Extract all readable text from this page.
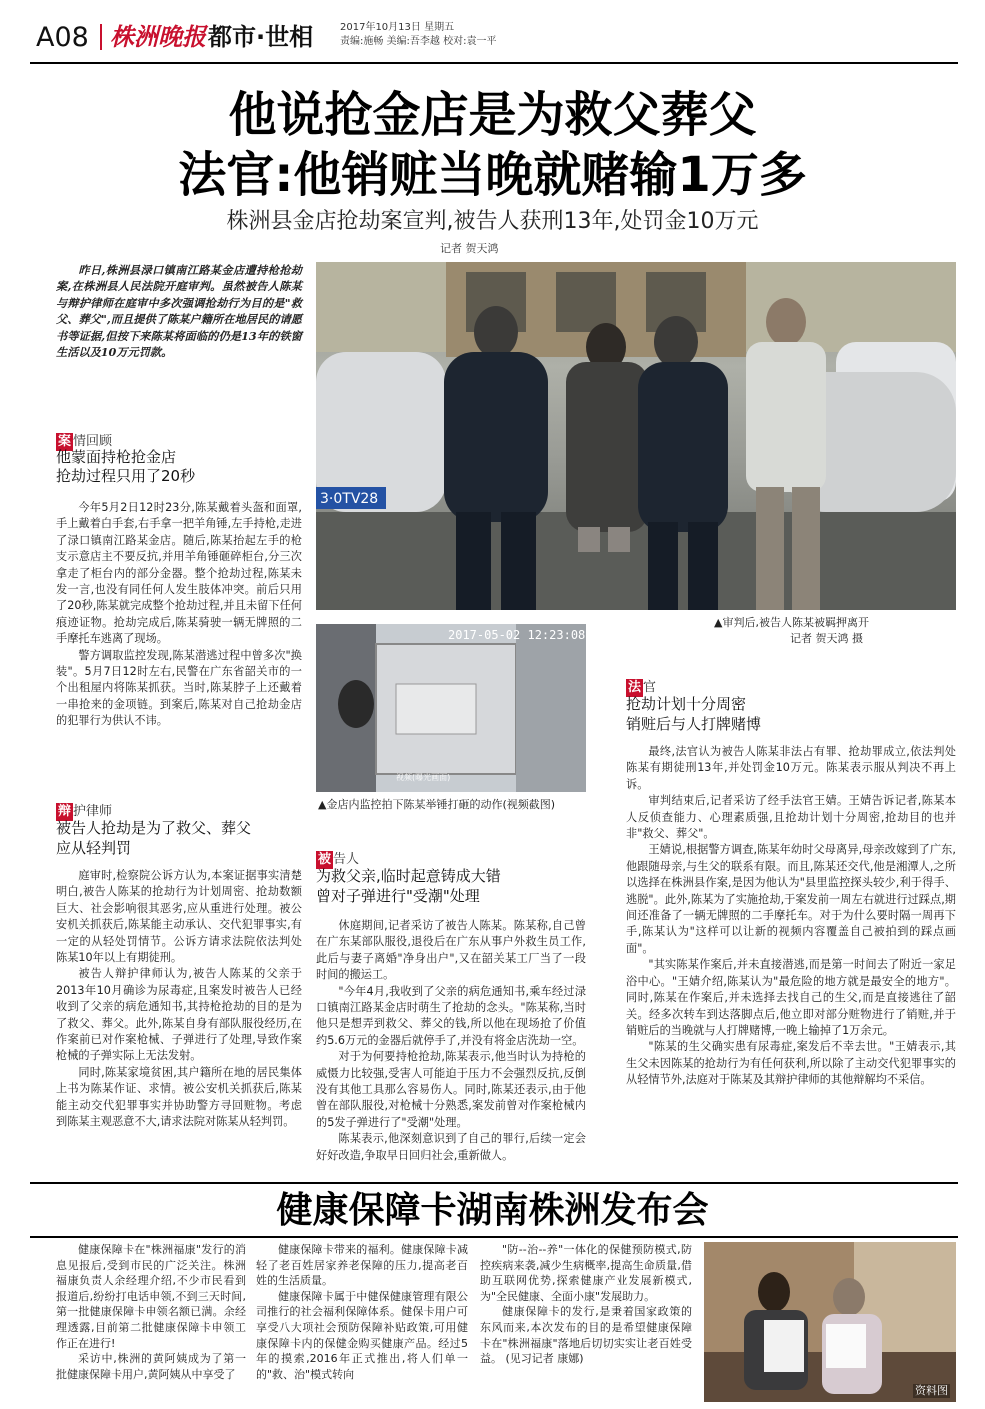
A08 株洲晚报 都市·世相	2017年10月13日 星期五
责编:施畅 美编:吾李越 校对:袁一平
他说抢金店是为救父葬父
法官:他销赃当晚就赌输1万多
株洲县金店抢劫案宣判,被告人获刑13年,处罚金10万元
记者 贺天鸿
昨日,株洲县渌口镇南江路某金店遭持枪抢劫案,在株洲县人民法院开庭审判。虽然被告人陈某与辩护律师在庭审中多次强调抢劫行为目的是"救父、葬父",而且提供了陈某户籍所在地居民的请愿书等证据,但按下来陈某将面临的仍是13年的铁窗生活以及10万元罚款。
3·0TV28
▲审判后,被告人陈某被羁押离开
记者 贺天鸿 摄
案 情回顾
他蒙面持枪抢金店
抢劫过程只用了20秒

今年5月2日12时23分,陈某戴着头盔和面罩,手上戴着白手套,右手拿一把羊角锤,左手持枪,走进了渌口镇南江路某金店。随后,陈某抬起左手的枪支示意店主不要反抗,并用羊角锤砸碎柜台,分三次拿走了柜台内的部分金器。整个抢劫过程,陈某未发一言,也没有同任何人发生肢体冲突。前后只用了20秒,陈某就完成整个抢劫过程,并且未留下任何痕迹证物。抢劫完成后,陈某骑驶一辆无牌照的二手摩托车逃离了现场。

警方调取监控发现,陈某潜逃过程中曾多次"换装"。5月7日12时左右,民警在广东省韶关市的一个出租屋内将陈某抓获。当时,陈某脖子上还戴着一串抢来的金项链。到案后,陈某对自己抢劫金店的犯罪行为供认不讳。

辩 护律师
被告人抢劫是为了救父、葬父
应从轻判罚

庭审时,检察院公诉方认为,本案证据事实清楚明白,被告人陈某的抢劫行为计划周密、抢劫数额巨大、社会影响很其恶劣,应从重进行处理。被公安机关抓获后,陈某能主动承认、交代犯罪事实,有一定的从轻处罚情节。公诉方请求法院依法判处陈某10年以上有期徒刑。

被告人辩护律师认为,被告人陈某的父亲于2013年10月确诊为尿毒症,且案发时被告人已经收到了父亲的病危通知书,其持枪抢劫的目的是为了救父、葬父。此外,陈某自身有部队服役经历,在作案前已对作案枪械、子弹进行了处理,导致作案枪械的子弹实际上无法发射。

同时,陈某家境贫困,其户籍所在地的居民集体上书为陈某作证、求情。被公安机关抓获后,陈某能主动交代犯罪事实并协助警方寻回赃物。考虑到陈某主观恶意不大,请求法院对陈某从轻判罚。

视频(曝光画面)
2017-05-02 12:23:08
▲金店内监控拍下陈某举锤打砸的动作(视频截图)
被 告人
为救父亲,临时起意铸成大错
曾对子弹进行"受潮"处理

休庭期间,记者采访了被告人陈某。陈某称,自己曾在广东某部队服役,退役后在广东从事户外救生员工作,此后与妻子离婚"净身出户",又在韶关某工厂当了一段时间的搬运工。

"今年4月,我收到了父亲的病危通知书,乘车经过渌口镇南江路某金店时萌生了抢劫的念头。"陈某称,当时他只是想弄到救父、葬父的钱,所以他在现场抢了价值约5.6万元的金器后就停手了,并没有将金店洗劫一空。

对于为何要持枪抢劫,陈某表示,他当时认为持枪的威慑力比较强,受害人可能迫于压力不会强烈反抗,反倒没有其他工具那么容易伤人。同时,陈某还表示,由于他曾在部队服役,对枪械十分熟悉,案发前曾对作案枪械内的5发子弹进行了"受潮"处理。

陈某表示,他深刻意识到了自己的罪行,后续一定会好好改造,争取早日回归社会,重新做人。

法 官
抢劫计划十分周密
销赃后与人打牌赌博

最终,法官认为被告人陈某非法占有罪、抢劫罪成立,依法判处陈某有期徒刑13年,并处罚金10万元。陈某表示服从判决不再上诉。

审判结束后,记者采访了经手法官王婧。王婧告诉记者,陈某本人反侦查能力、心理素质强,且抢劫计划十分周密,抢劫目的也并非"救父、葬父"。

王婧说,根据警方调查,陈某年幼时父母离异,母亲改嫁到了广东,他跟随母亲,与生父的联系有限。而且,陈某还交代,他是湘潭人,之所以选择在株洲县作案,是因为他认为"县里监控探头较少,利于得手、逃脱"。此外,陈某为了实施抢劫,于案发前一周左右就进行过踩点,期间还准备了一辆无牌照的二手摩托车。对于为什么要时隔一周再下手,陈某认为"这样可以让新的视频内容覆盖自己被拍到的踩点画面"。

"其实陈某作案后,并未直接潜逃,而是第一时间去了附近一家足浴中心。"王婧介绍,陈某认为"最危险的地方就是最安全的地方"。同时,陈某在作案后,并未选择去找自己的生父,而是直接逃往了韶关。经多次转车到达落脚点后,他立即对部分赃物进行了销赃,并于销赃后的当晚就与人打牌赌博,一晚上输掉了1万余元。

"陈某的生父确实患有尿毒症,案发后不幸去世。"王婧表示,其生父未因陈某的抢劫行为有任何获利,所以除了主动交代犯罪事实的从轻情节外,法庭对于陈某及其辩护律师的其他辩解均不采信。

健康保障卡湖南株洲发布会

健康保障卡在"株洲福康"发行的消息见报后,受到市民的广泛关注。株洲福康负责人余经理介绍,不少市民看到报道后,纷纷打电话申领,不到三天时间,第一批健康保障卡申领名额已满。余经理透露,目前第二批健康保障卡申领工作正在进行!

采访中,株洲的黄阿姨成为了第一批健康保障卡用户,黄阿姨从中享受了

健康保障卡带来的福利。健康保障卡减轻了老百姓居家养老保障的压力,提高老百姓的生活质量。

健康保障卡属于中健保健康管理有限公司推行的社会福利保障体系。健保卡用户可享受八大项社会预防保障补贴政策,可用健康保障卡内的保健金购买健康产品。经过5年的摸索,2016年正式推出,将人们单一的"救、治"模式转向

"防--治--养"一体化的保健预防模式,防控疾病来袭,减少生病概率,提高生命质量,借助互联网优势,探索健康产业发展新模式,为"全民健康、全面小康"发展助力。

健康保障卡的发行,是秉着国家政策的东风而来,本次发布的目的是希望健康保障卡在"株洲福康"落地后切切实实让老百姓受益。 (见习记者 康娜)

资料图
